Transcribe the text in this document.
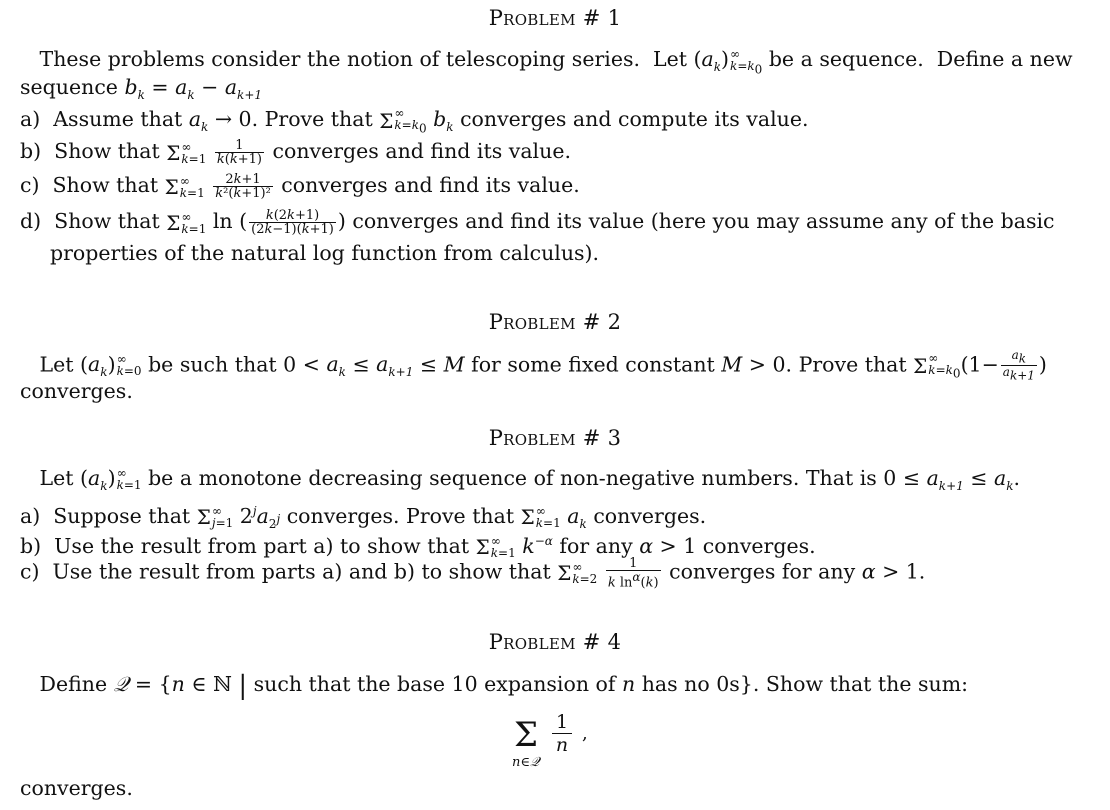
Problem # 1
These problems consider the notion of telescoping series.  Let $(a_k)$ ∞
$k=k_0$ be a sequence.  Define a new
sequence $b_k = a_k - a_{k+1}$
a)  Assume that $a_k \to 0$. Prove that Σ ∞
$k=k_0$ $b_k$ converges and compute its value.
b)  Show that Σ ∞
k=1
$\frac{1}{k(k+1)}$ converges and find its value.
c)  Show that Σ ∞
k=1
$\frac{2k+1}{\text{k²(k+1)²}}$ converges and find its value.
d)  Show that Σ ∞
k=1 ln ( $\frac{k(2k+1)}{(2k-1)(k+1)}$ ) converges and find its value (here you may assume any of the basic
properties of the natural log function from calculus).
Problem # 2
Let $(a_k)$ ∞
k=0 be such that $0 < a_k \le a_{k+1} \le M$ for some fixed constant M > 0. Prove that Σ ∞
$k=k_0$ ($1- \frac{a_k}{a_{k+1}}$ )
converges.
Problem # 3
Let $(a_k)$ ∞
k=1 be a monotone decreasing sequence of non-negative numbers. That is $0 \le a_{k+1} \le a_k$.
a)  Suppose that Σ ∞
j=1 $2^ja_{2^j}$ converges. Prove that Σ ∞
k=1 $a_k$ converges.
b)  Use the result from part a) to show that Σ ∞
k=1 $k^{-\alpha}$ for any α > 1 converges.
c)  Use the result from parts a) and b) to show that Σ ∞
k=2
$\frac{1}{k \ln^\alpha(k)}$ converges for any α > 1.
Problem # 4
Define 𝒬 = {n ∈ ℕ | such that the base 10 expansion of n has no 0s}. Show that the sum:
Σ 1
n
,
n∈𝒬
converges.
